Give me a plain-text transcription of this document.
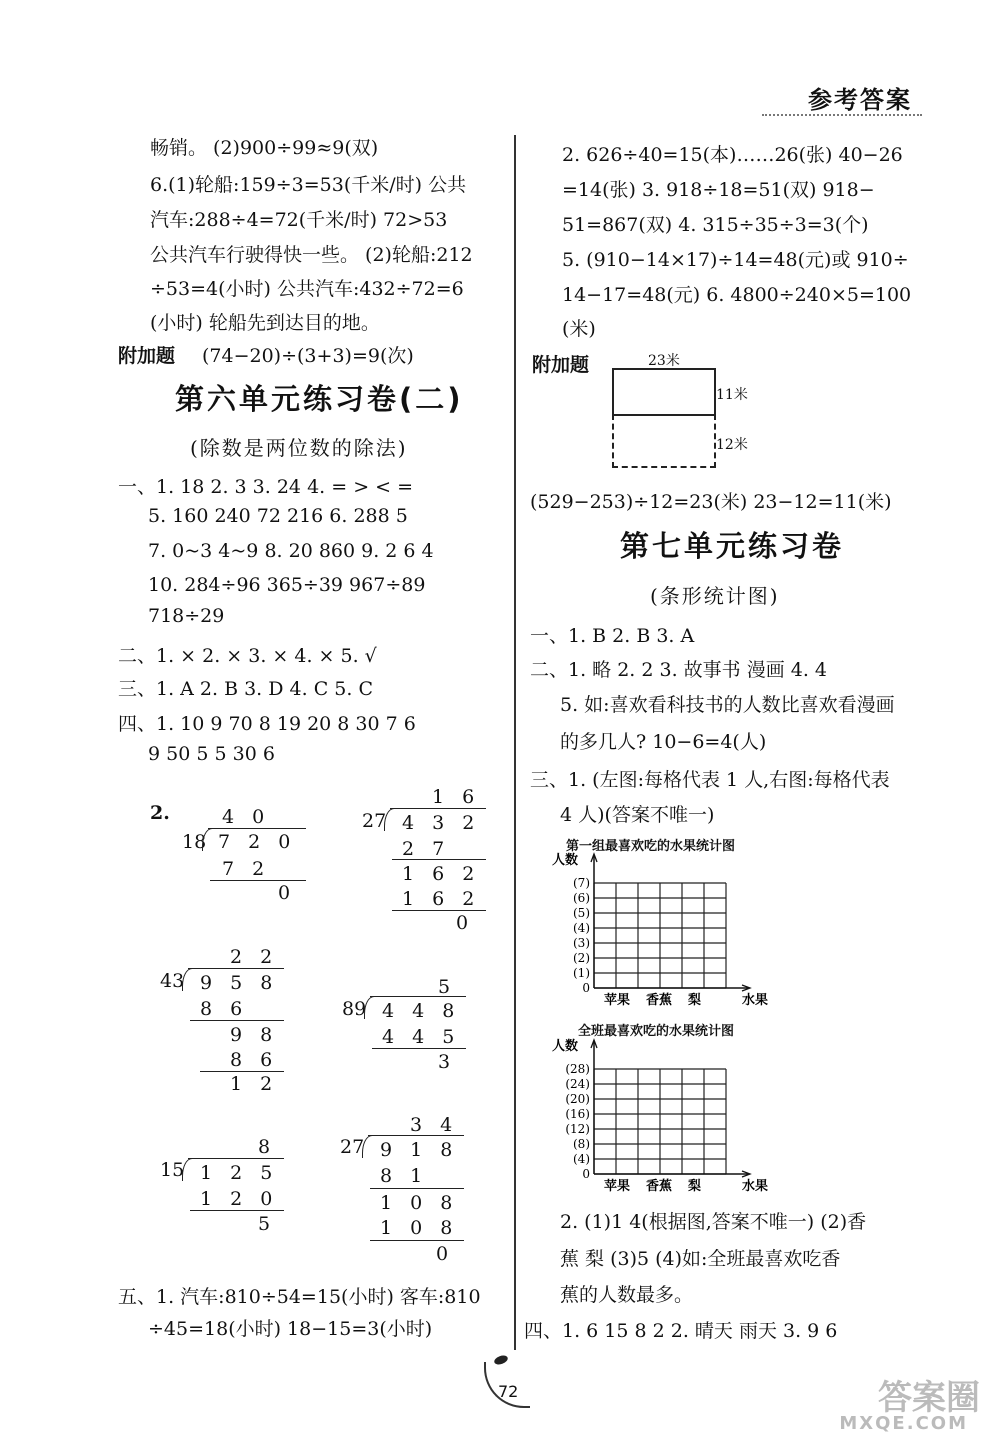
参考答案
畅销。 (2)900÷99≈9(双)
6.(1)轮船:159÷3=53(千米/时) 公共
汽车:288÷4=72(千米/时) 72>53
公共汽车行驶得快一些。 (2)轮船:212
÷53=4(小时) 公共汽车:432÷72=6
(小时) 轮船先到达目的地。
附加题 (74−20)÷(3+3)=9(次)
第六单元练习卷(二)
(除数是两位数的除法)
一、1. 18 2. 3 3. 24 4. = > < =
5. 160 240 72 216 6. 288 5
7. 0~3 4~9 8. 20 860 9. 2 6 4
10. 284÷96 365÷39 967÷89
718÷29
二、1. × 2. × 3. × 4. × 5. √
三、1. A 2. B 3. D 4. C 5. C
四、1. 10 9 70 8 19 20 8 30 7 6
9 50 5 5 30 6
2.	4 0
18 7 2 0
7 2
0
1 6
27 4 3 2
2 7
1 6 2
1 6 2
0
2 2
43 9 5 8
8 6
9 8
8 6
1 2
5
89 4 4 8
4 4 5
3
8
15 1 2 5
1 2 0
5
3 4
27 9 1 8
8 1
1 0 8
1 0 8
0
五、1. 汽车:810÷54=15(小时) 客车:810
÷45=18(小时) 18−15=3(小时)
2. 626÷40=15(本)……26(张) 40−26
=14(张) 3. 918÷18=51(双) 918−
51=867(双) 4. 315÷35÷3=3(个)
5. (910−14×17)÷14=48(元)或 910÷
14−17=48(元) 6. 4800÷240×5=100
(米)
附加题	23米
11米
12米
(529−253)÷12=23(米) 23−12=11(米)
第七单元练习卷
(条形统计图)
一、1. B 2. B 3. A
二、1. 略 2. 2 3. 故事书 漫画 4. 4
5. 如:喜欢看科技书的人数比喜欢看漫画
的多几人? 10−6=4(人)
三、1. (左图:每格代表 1 人,右图:每格代表
4 人)(答案不唯一)
第一组最喜欢吃的水果统计图
人数
(7)
(6)
(5)
(4)
(3)
(2)
(1)
0
苹果 香蕉 梨	水果
全班最喜欢吃的水果统计图
人数
(28)
(24)
(20)
(16)
(12)
(8)
(4)
0
苹果 香蕉 梨	水果
2. (1)1 4(根据图,答案不唯一) (2)香
蕉 梨 (3)5 (4)如:全班最喜欢吃香
蕉的人数最多。
四、1. 6 15 8 2 2. 晴天 雨天 3. 9 6
72	答案圈
MXQE.COM
